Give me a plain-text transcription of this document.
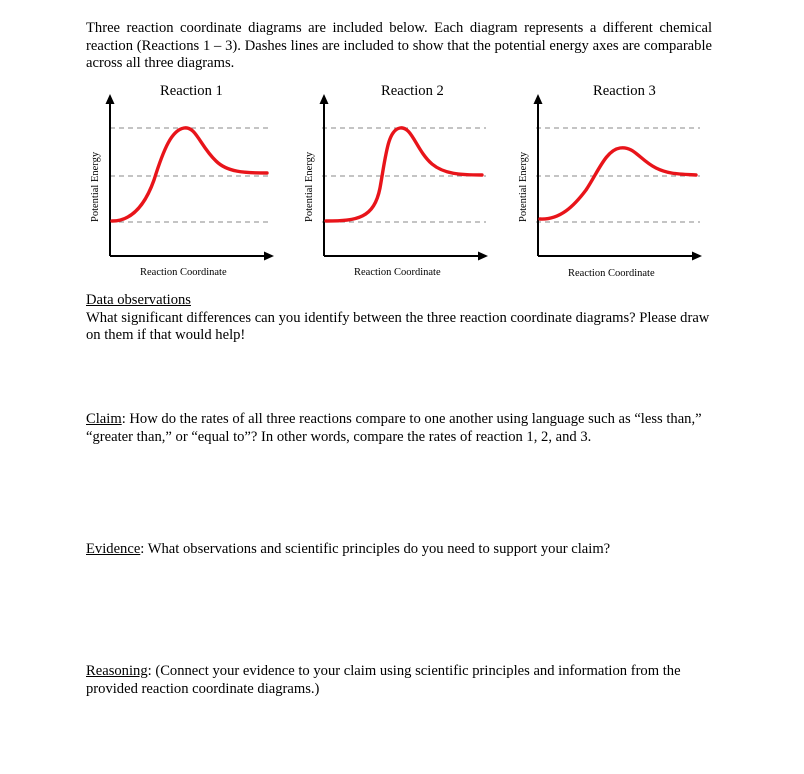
Three reaction coordinate diagrams are included below. Each diagram represents a different chemical reaction (Reactions 1 – 3). Dashes lines are included to show that the potential energy axes are comparable across all three diagrams.
Reaction 1
Potential Energy
Reaction Coordinate
Reaction 2
Potential Energy
Reaction Coordinate
Reaction 3
Potential Energy
Reaction Coordinate
Data observations
What significant differences can you identify between the three reaction coordinate diagrams? Please draw on them if that would help!
Claim: How do the rates of all three reactions compare to one another using language such as “less than,” “greater than,” or “equal to”? In other words, compare the rates of reaction 1, 2, and 3.
Evidence: What observations and scientific principles do you need to support your claim?
Reasoning: (Connect your evidence to your claim using scientific principles and information from the provided reaction coordinate diagrams.)
